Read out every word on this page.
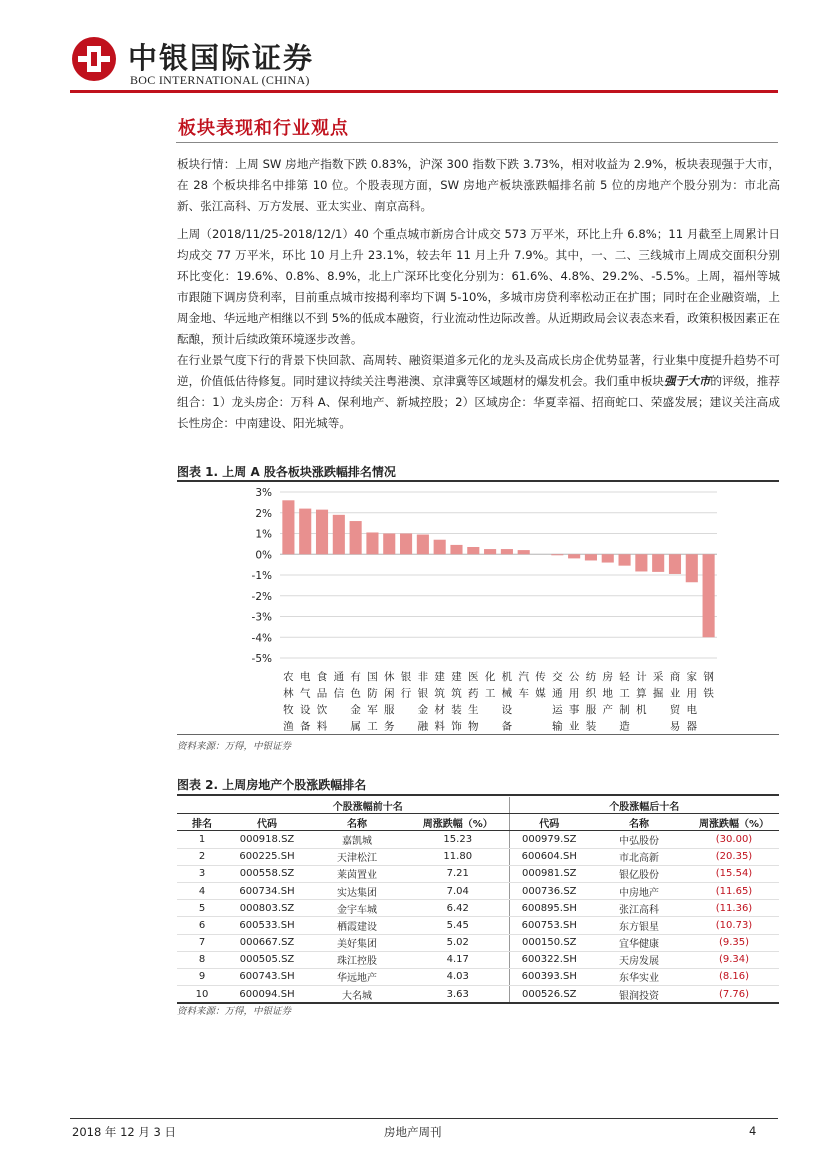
中银国际证券
BOC INTERNATIONAL (CHINA)
板块表现和行业观点

板块行情：上周 SW 房地产指数下跌 0.83%，沪深 300 指数下跌 3.73%，相对收益为 2.9%，板块表现强于大市，在 28 个板块排名中排第 10 位。个股表现方面，SW 房地产板块涨跌幅排名前 5 位的房地产个股分别为：市北高新、张江高科、万方发展、亚太实业、南京高科。

上周（2018/11/25-2018/12/1）40 个重点城市新房合计成交 573 万平米，环比上升 6.8%；11 月截至上周累计日均成交 77 万平米，环比 10 月上升 23.1%，较去年 11 月上升 7.9%。其中，一、二、三线城市上周成交面积分别环比变化：19.6%、0.8%、8.9%，北上广深环比变化分别为：61.6%、4.8%、29.2%、-5.5%。上周，福州等城市跟随下调房贷利率，目前重点城市按揭利率均下调 5-10%，多城市房贷利率松动正在扩围；同时在企业融资端，上周金地、华远地产相继以不到 5%的低成本融资，行业流动性边际改善。从近期政局会议表态来看，政策积极因素正在酝酿，预计后续政策环境逐步改善。

在行业景气度下行的背景下快回款、高周转、融资渠道多元化的龙头及高成长房企优势显著，行业集中度提升趋势不可逆，价值低估待修复。同时建议持续关注粤港澳、京津冀等区域题材的爆发机会。我们重申板块强于大市的评级，推荐组合：1）龙头房企：万科 A、保利地产、新城控股；2）区域房企：华夏幸福、招商蛇口、荣盛发展；建议关注高成长性房企：中南建设、阳光城等。

图表 1. 上周 A 股各板块涨跌幅排名情况
3%
2%
1%
0%
-1%
-2%
-3%
-4%
-5%
农林牧渔
电气设备
食品饮料
通信
有色金属
国防军工
休闲服务
银行
非银金融
建筑材料
建筑装饰
医药生物
化工
机械设备
汽车
传媒
交通运输
公用事业
纺织服装
房地产
轻工制造
计算机
采掘
商业贸易
家用电器
钢铁
资料来源：万得，中银证券
图表 2. 上周房地产个股涨跌幅排名
	个股涨幅前十名			个股涨幅后十名		
排名	代码	名称	周涨跌幅（%）	代码	名称	周涨跌幅（%）
1	000918.SZ	嘉凯城	15.23	000979.SZ	中弘股份	(30.00)
2	600225.SH	天津松江	11.80	600604.SH	市北高新	(20.35)
3	000558.SZ	莱茵置业	7.21	000981.SZ	银亿股份	(15.54)
4	600734.SH	实达集团	7.04	000736.SZ	中房地产	(11.65)
5	000803.SZ	金宇车城	6.42	600895.SH	张江高科	(11.36)
6	600533.SH	栖霞建设	5.45	600753.SH	东方银星	(10.73)
7	000667.SZ	美好集团	5.02	000150.SZ	宜华健康	(9.35)
8	000505.SZ	珠江控股	4.17	600322.SH	天房发展	(9.34)
9	600743.SH	华远地产	4.03	600393.SH	东华实业	(8.16)
10	600094.SH	大名城	3.63	000526.SZ	银润投资	(7.76)
资料来源：万得，中银证券
2018 年 12 月 3 日	房地产周刊	4
